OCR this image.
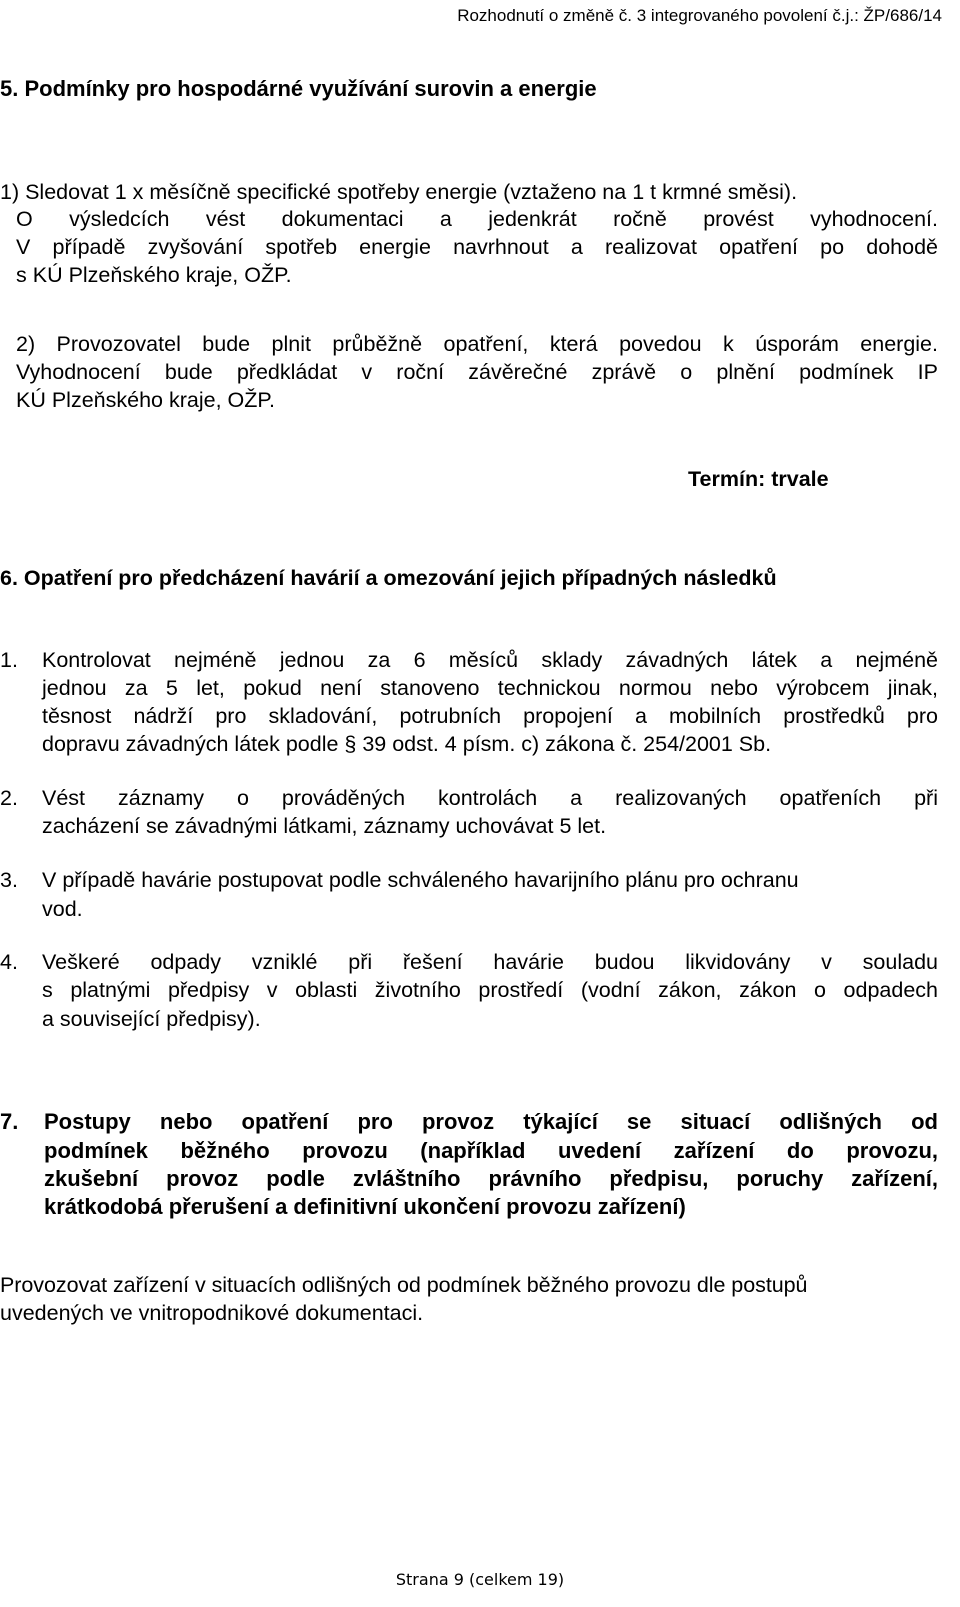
Rozhodnutí o změně č. 3 integrovaného povolení č.j.: ŽP/686/14
5. Podmínky pro hospodárné využívání surovin a energie
1) Sledovat 1 x měsíčně specifické spotřeby energie (vztaženo na 1 t krmné směsi).
O výsledcích vést dokumentaci a jedenkrát ročně provést vyhodnocení.
V případě zvyšování spotřeb energie navrhnout a realizovat opatření po dohodě
s KÚ Plzeňského kraje, OŽP.
2) Provozovatel bude plnit průběžně opatření, která povedou k úsporám energie.
Vyhodnocení bude předkládat v roční závěrečné zprávě o plnění podmínek IP
KÚ Plzeňského kraje, OŽP.
Termín: trvale
6. Opatření pro předcházení havárií a omezování jejich případných následků
1. Kontrolovat nejméně jednou za 6 měsíců sklady závadných látek a nejméně
jednou za 5 let, pokud není stanoveno technickou normou nebo výrobcem jinak,
těsnost nádrží pro skladování, potrubních propojení a mobilních prostředků pro
dopravu závadných látek podle § 39 odst. 4 písm. c) zákona č. 254/2001 Sb.
2. Vést záznamy o prováděných kontrolách a realizovaných opatřeních při
zacházení se závadnými látkami, záznamy uchovávat 5 let.
3. V případě havárie postupovat podle schváleného havarijního plánu pro ochranu
vod.
4. Veškeré odpady vzniklé při řešení havárie budou likvidovány v souladu
s platnými předpisy v oblasti životního prostředí (vodní zákon, zákon o odpadech
a související předpisy).
7. Postupy nebo opatření pro provoz týkající se situací odlišných od
podmínek běžného provozu (například uvedení zařízení do provozu,
zkušební provoz podle zvláštního právního předpisu, poruchy zařízení,
krátkodobá přerušení a definitivní ukončení provozu zařízení)
Provozovat zařízení v situacích odlišných od podmínek běžného provozu dle postupů
uvedených ve vnitropodnikové dokumentaci.
Strana 9 (celkem 19)
